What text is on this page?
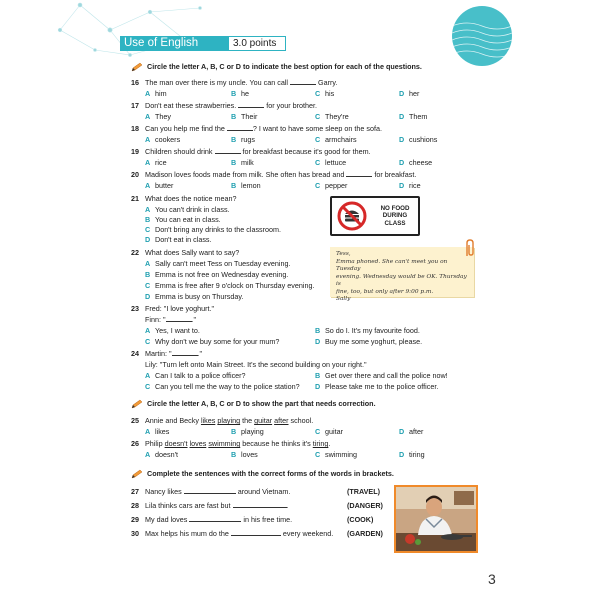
Use of English	3.0 points
Circle the letter A, B, C or D to indicate the best option for each of the questions.
16 The man over there is my uncle. You can call	Garry.
A him	B he	C his	D her
17 Don't eat these strawberries.	for your brother.
A They	B Their	C They're	D Them
18 Can you help me find the	? I want to have some sleep on the sofa.
A cookers	B rugs	C armchairs	D cushions
19 Children should drink	for breakfast because it's good for them.
A rice	B milk	C lettuce	D cheese
20 Madison loves foods made from milk. She often has bread and	for breakfast.
A butter	B lemon	C pepper	D rice
21 What does the notice mean?
A You can't drink in class.
B You can eat in class.
C Don't bring any drinks to the classroom.
D Don't eat in class.
NO FOOD
DURING CLASS
22 What does Sally want to say?
A Sally can't meet Tess on Tuesday evening.
B Emma is not free on Wednesday evening.
C Emma is free after 9 o'clock on Thursday evening.
D Emma is busy on Thursday.
Tess,
Emma phoned. She can't meet you on Tuesday
evening. Wednesday would be OK. Thursday is
fine, too, but only after 9:00 p.m.
Sally
23 Fred: "I love yoghurt."
Finn: "	."
A Yes, I want to.	B So do I. It's my favourite food.
C Why don't we buy some for your mum?	D Buy me some yoghurt, please.
24 Martin: "	."
Lily: "Turn left onto Main Street. It's the second building on your right."
A Can I talk to a police officer?	B Get over there and call the police now!
C Can you tell me the way to the police station? D Please take me to the police officer.
Circle the letter A, B, C or D to show the part that needs correction.
25 Annie and Becky likes playing the guitar after school.
A likes	B playing	C guitar	D after
26 Philip doesn't loves swimming because he thinks it's tiring.
A doesn't	B loves	C swimming	D tiring
Complete the sentences with the correct forms of the words in brackets.
27 Nancy likes	around Vietnam.	(TRAVEL)
28 Lila thinks cars are fast but	.	(DANGER)
29 My dad loves	in his free time.	(COOK)
30 Max helps his mum do the	every weekend. (GARDEN)
3
